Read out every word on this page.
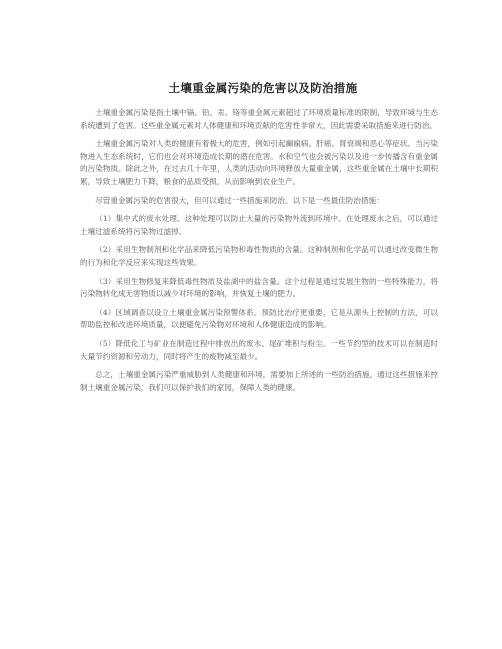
土壤重金属污染的危害以及防治措施

土壤重金属污染是指土壤中镉、铅、汞、铬等重金属元素超过了环境质量标准的限制，导致环境与生态系统遭到了危害。这些重金属元素对人体健康和环境贡献的危害性非常大，因此需要采取措施来进行防治。

土壤重金属污染对人类的健康有着极大的危害，例如引起癫痫病、肝癌、肾衰竭和恶心等症状。当污染物进入生态系统时，它们也会对环境造成长期的潜在危害。水和空气也会被污染以及进一步传播含有重金属的污染物质。除此之外，在过去几十年里，人类的活动向环境释放大量重金属，这些重金属在土壤中长期积累，导致土壤肥力下降，粮食的品质受损，从而影响到农业生产。

尽管重金属污染的危害很大，但可以通过一些措施来防治。以下是一些最佳防治措施：

（1）集中式的废水处理。这种处理可以防止大量的污染物外流到环境中。在处理废水之后，可以通过土壤过滤系统将污染物过滤掉。

（2）采用生物制剂和化学品来降低污染物和毒性物质的含量。这种制剂和化学品可以通过改变微生物的行为和化学反应来实现这些效果。

（3）采用生物修复来降低毒性物质及盐湖中的盐含量。这个过程是通过发展生物的一些特殊能力，将污染物转化成无害物质以减少对环境的影响，并恢复土壤的肥力。

（4）区域调查以设立土壤重金属污染预警体系。预防比治疗更重要，它是从源头上控制的方法，可以帮助监控和改进环境质量，以便避免污染物对环境和人体健康造成的影响。

（5）降低化工与矿业在制造过程中排放出的废水、尾矿堆积与粉尘。一些节约型的技术可以在制造时大量节约资源和劳动力，同时将产生的废物减至最少。

总之，土壤重金属污染严重威胁到人类健康和环境，需要加上所述的一些防治措施。通过这些措施来控制土壤重金属污染，我们可以保护我们的家园，保障人类的健康。
